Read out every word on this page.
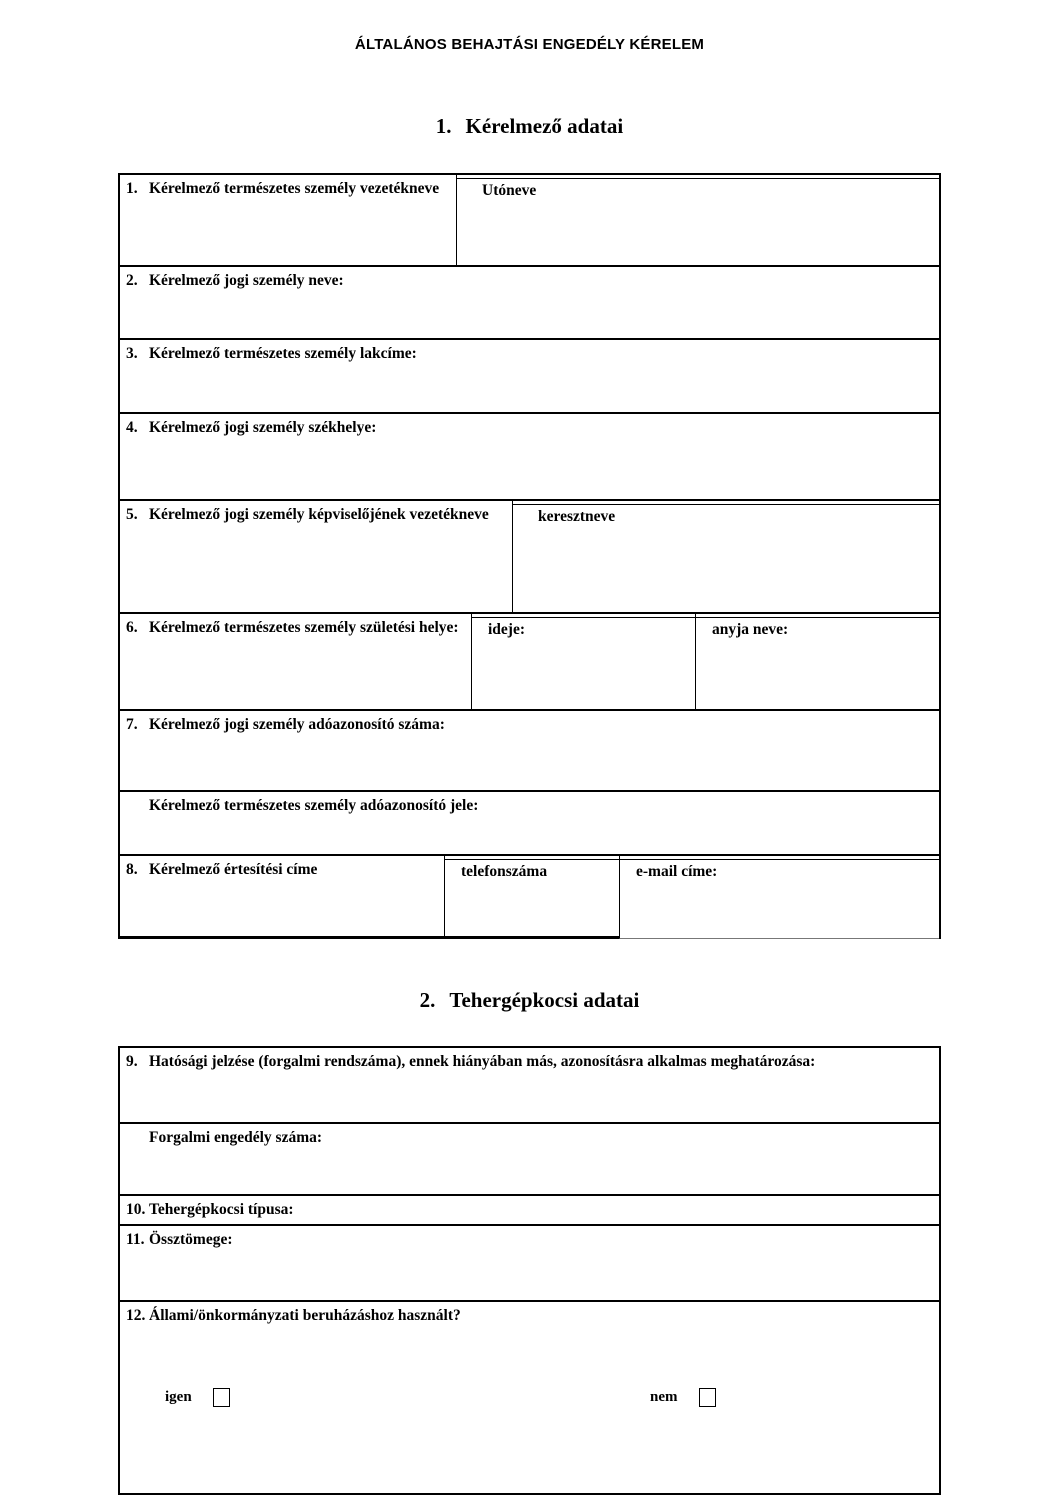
ÁLTALÁNOS BEHAJTÁSI ENGEDÉLY KÉRELEM
1. Kérelmező adatai
1. Kérelmező természetes személy vezetékneve	Utóneve
2. Kérelmező jogi személy neve:
3. Kérelmező természetes személy lakcíme:
4. Kérelmező jogi személy székhelye:
5. Kérelmező jogi személy képviselőjének vezetékneve	keresztneve
6. Kérelmező természetes személy születési helye:	ideje:	anyja neve:
7. Kérelmező jogi személy adóazonosító száma:
Kérelmező természetes személy adóazonosító jele:
8. Kérelmező értesítési címe	telefonszáma	e-mail címe:
2. Tehergépkocsi adatai
9. Hatósági jelzése (forgalmi rendszáma), ennek hiányában más, azonosításra alkalmas meghatározása:
Forgalmi engedély száma:
10. Tehergépkocsi típusa:
11. Össztömege:
12. Állami/önkormányzati beruházáshoz használt?
igen	nem
